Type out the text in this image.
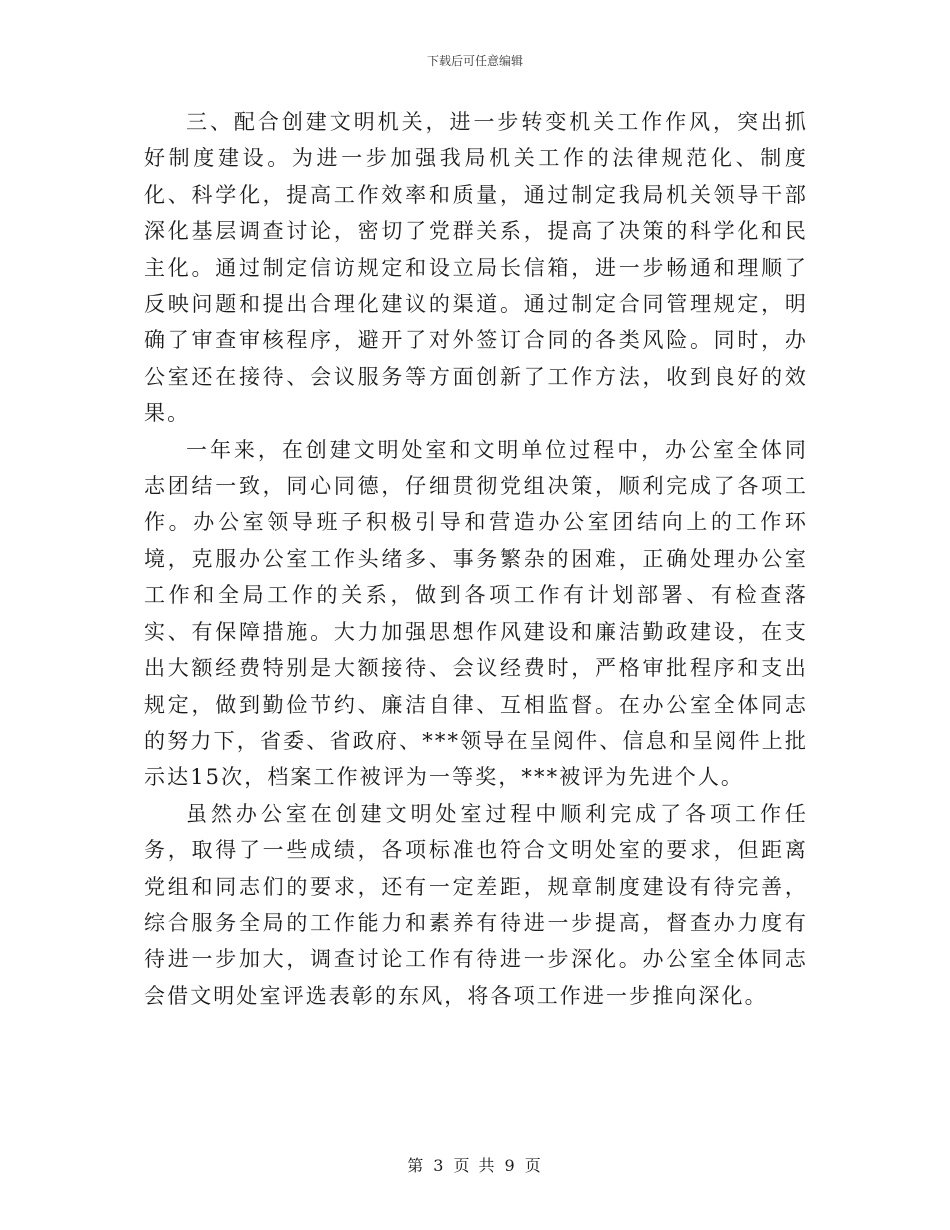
下载后可任意编辑

三、配合创建文明机关，进一步转变机关工作作风，突出抓好制度建设。为进一步加强我局机关工作的法律规范化、制度化、科学化，提高工作效率和质量，通过制定我局机关领导干部深化基层调查讨论，密切了党群关系，提高了决策的科学化和民主化。通过制定信访规定和设立局长信箱，进一步畅通和理顺了反映问题和提出合理化建议的渠道。通过制定合同管理规定，明确了审查审核程序，避开了对外签订合同的各类风险。同时，办公室还在接待、会议服务等方面创新了工作方法，收到良好的效果。

一年来，在创建文明处室和文明单位过程中，办公室全体同志团结一致，同心同德，仔细贯彻党组决策，顺利完成了各项工作。办公室领导班子积极引导和营造办公室团结向上的工作环境，克服办公室工作头绪多、事务繁杂的困难，正确处理办公室工作和全局工作的关系，做到各项工作有计划部署、有检查落实、有保障措施。大力加强思想作风建设和廉洁勤政建设，在支出大额经费特别是大额接待、会议经费时，严格审批程序和支出规定，做到勤俭节约、廉洁自律、互相监督。在办公室全体同志的努力下，省委、省政府、***领导在呈阅件、信息和呈阅件上批示达15次，档案工作被评为一等奖，***被评为先进个人。

虽然办公室在创建文明处室过程中顺利完成了各项工作任务，取得了一些成绩，各项标准也符合文明处室的要求，但距离党组和同志们的要求，还有一定差距，规章制度建设有待完善，综合服务全局的工作能力和素养有待进一步提高，督查办力度有待进一步加大，调查讨论工作有待进一步深化。办公室全体同志会借文明处室评选表彰的东风，将各项工作进一步推向深化。

第 3 页 共 9 页
